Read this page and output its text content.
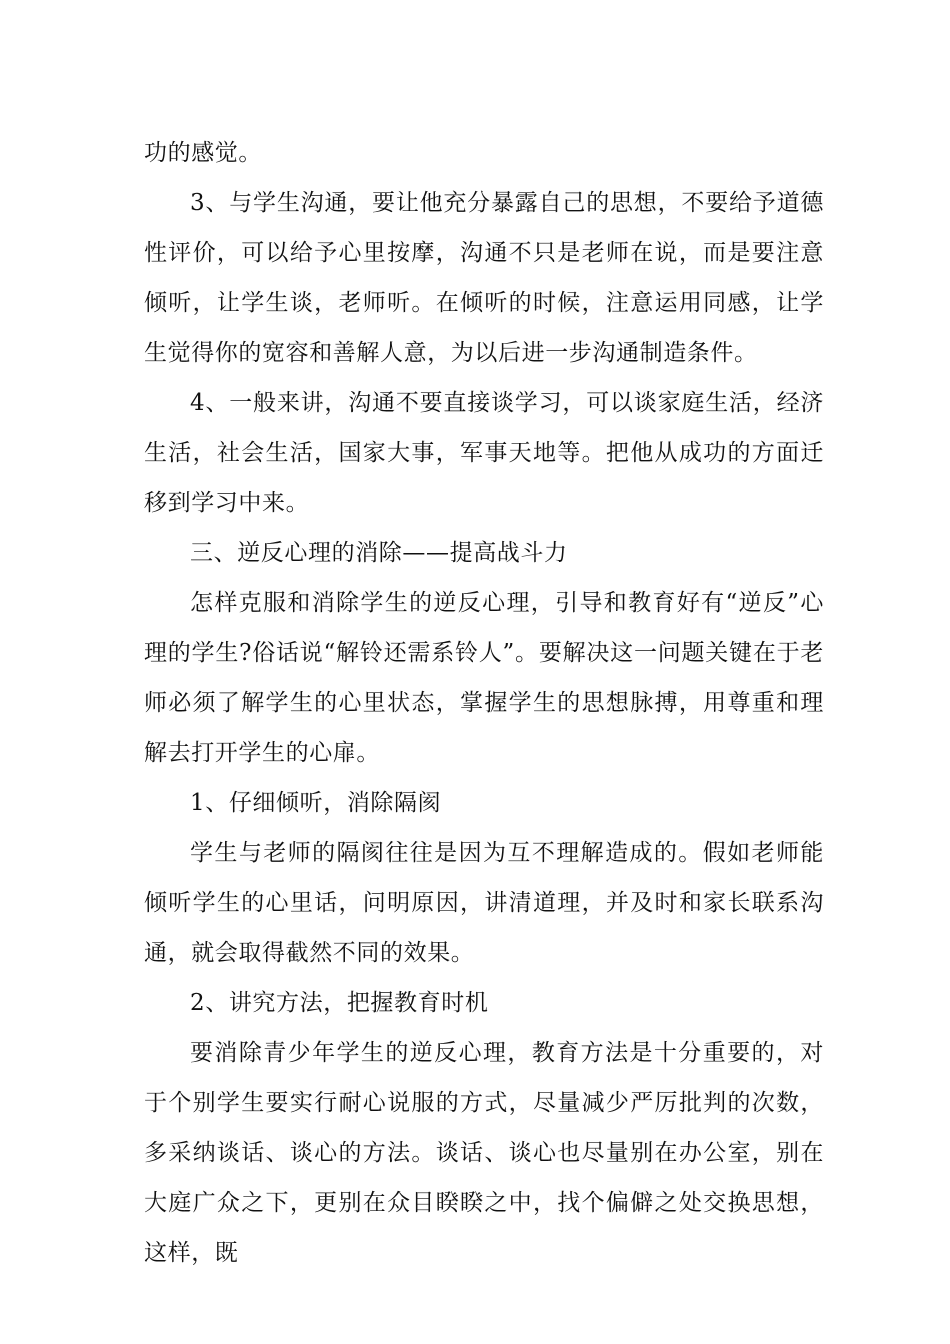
功的感觉。

3、与学生沟通，要让他充分暴露自己的思想，不要给予道德性评价，可以给予心里按摩，沟通不只是老师在说，而是要注意倾听，让学生谈，老师听。在倾听的时候，注意运用同感，让学生觉得你的宽容和善解人意，为以后进一步沟通制造条件。

4、一般来讲，沟通不要直接谈学习，可以谈家庭生活，经济生活，社会生活，国家大事，军事天地等。把他从成功的方面迁移到学习中来。

三、逆反心理的消除——提高战斗力

怎样克服和消除学生的逆反心理，引导和教育好有“逆反”心理的学生?俗话说“解铃还需系铃人”。要解决这一问题关键在于老师必须了解学生的心里状态，掌握学生的思想脉搏，用尊重和理解去打开学生的心扉。

1、仔细倾听，消除隔阂

学生与老师的隔阂往往是因为互不理解造成的。假如老师能倾听学生的心里话，问明原因，讲清道理，并及时和家长联系沟通，就会取得截然不同的效果。

2、讲究方法，把握教育时机

要消除青少年学生的逆反心理，教育方法是十分重要的，对于个别学生要实行耐心说服的方式，尽量减少严厉批判的次数，多采纳谈话、谈心的方法。谈话、谈心也尽量别在办公室，别在大庭广众之下，更别在众目睽睽之中，找个偏僻之处交换思想，这样，既
